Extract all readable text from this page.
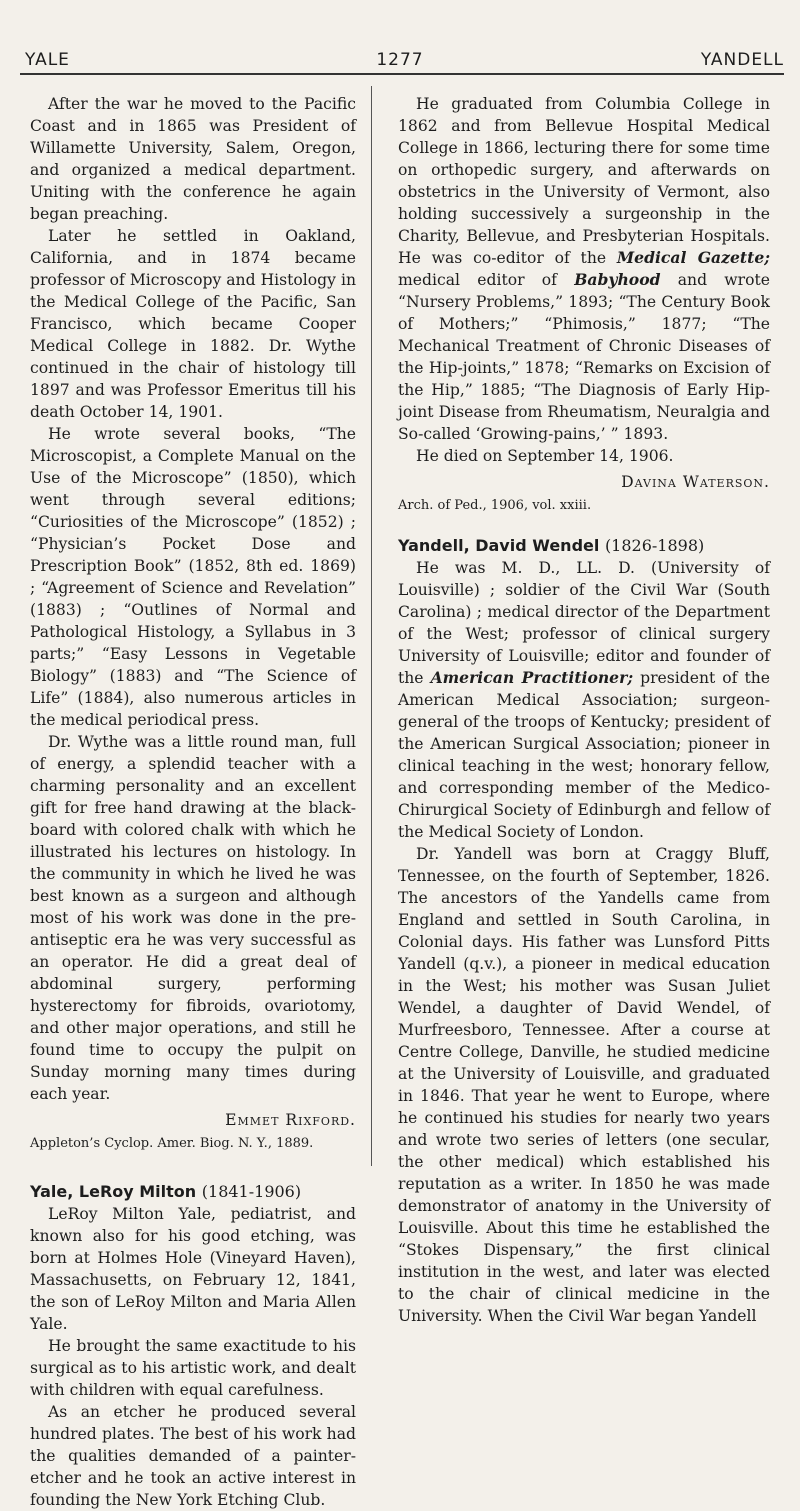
YALE	1277	YANDELL

After the war he moved to the Pacific Coast and in 1865 was President of Willamette University, Salem, Oregon, and organized a medical department. Uniting with the conference he again began preaching.

Later he settled in Oakland, California, and in 1874 became professor of Microscopy and Histology in the Medical College of the Pacific, San Francisco, which became Cooper Medical College in 1882. Dr. Wythe continued in the chair of histology till 1897 and was Professor Emeritus till his death October 14, 1901.

He wrote several books, “The Microscopist, a Complete Manual on the Use of the Microscope” (1850), which went through several editions; “Curiosities of the Microscope” (1852) ; “Physician’s Pocket Dose and Prescription Book” (1852, 8th ed. 1869) ; “Agreement of Science and Revelation” (1883) ; “Outlines of Normal and Pathological Histology, a Syllabus in 3 parts;” “Easy Lessons in Vegetable Biology” (1883) and “The Science of Life” (1884), also numerous articles in the medical periodical press.

Dr. Wythe was a little round man, full of energy, a splendid teacher with a charming personality and an excellent gift for free hand drawing at the black-board with colored chalk with which he illustrated his lectures on histology. In the community in which he lived he was best known as a surgeon and although most of his work was done in the pre-antiseptic era he was very successful as an operator. He did a great deal of abdominal surgery, performing hysterectomy for fibroids, ovariotomy, and other major operations, and still he found time to occupy the pulpit on Sunday morning many times during each year.

Emmet Rixford.

Appleton’s Cyclop. Amer. Biog. N. Y., 1889.

Yale, LeRoy Milton (1841-1906)

LeRoy Milton Yale, pediatrist, and known also for his good etching, was born at Holmes Hole (Vineyard Haven), Massachusetts, on February 12, 1841, the son of LeRoy Milton and Maria Allen Yale.

He brought the same exactitude to his surgical as to his artistic work, and dealt with children with equal carefulness.

As an etcher he produced several hundred plates. The best of his work had the qualities demanded of a painter-etcher and he took an active interest in founding the New York Etching Club.

He graduated from Columbia College in 1862 and from Bellevue Hospital Medical College in 1866, lecturing there for some time on orthopedic surgery, and afterwards on obstetrics in the University of Vermont, also holding successively a surgeonship in the Charity, Bellevue, and Presbyterian Hospitals. He was co-editor of the Medical Gazette; medical editor of Babyhood and wrote “Nursery Problems,” 1893; “The Century Book of Mothers;” “Phimosis,” 1877; “The Mechanical Treatment of Chronic Diseases of the Hip-joints,” 1878; “Remarks on Excision of the Hip,” 1885; “The Diagnosis of Early Hip-joint Disease from Rheumatism, Neuralgia and So-called ‘Growing-pains,’ ” 1893.

He died on September 14, 1906.

Davina Waterson.

Arch. of Ped., 1906, vol. xxiii.

Yandell, David Wendel (1826-1898)

He was M. D., LL. D. (University of Louisville) ; soldier of the Civil War (South Carolina) ; medical director of the Department of the West; professor of clinical surgery University of Louisville; editor and founder of the American Practitioner; president of the American Medical Association; surgeon-general of the troops of Kentucky; president of the American Surgical Association; pioneer in clinical teaching in the west; honorary fellow, and corresponding member of the Medico-Chirurgical Society of Edinburgh and fellow of the Medical Society of London.

Dr. Yandell was born at Craggy Bluff, Tennessee, on the fourth of September, 1826. The ancestors of the Yandells came from England and settled in South Carolina, in Colonial days. His father was Lunsford Pitts Yandell (q.v.), a pioneer in medical education in the West; his mother was Susan Juliet Wendel, a daughter of David Wendel, of Murfreesboro, Tennessee. After a course at Centre College, Danville, he studied medicine at the University of Louisville, and graduated in 1846. That year he went to Europe, where he continued his studies for nearly two years and wrote two series of letters (one secular, the other medical) which established his reputation as a writer. In 1850 he was made demonstrator of anatomy in the University of Louisville. About this time he established the “Stokes Dispensary,” the first clinical institution in the west, and later was elected to the chair of clinical medicine in the University. When the Civil War began Yandell
